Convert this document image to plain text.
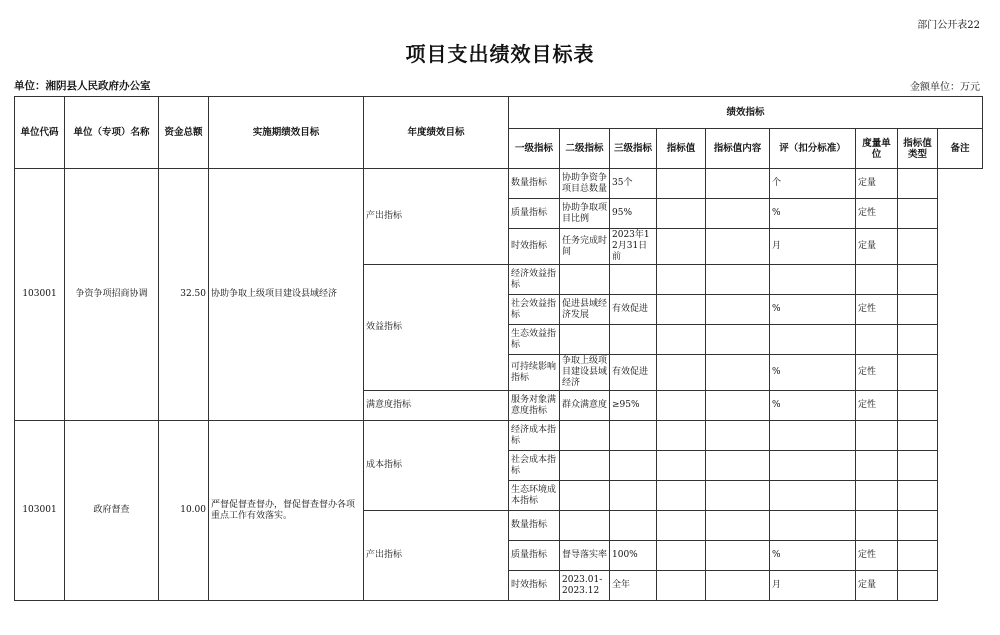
部门公开表22
项目支出绩效目标表
单位：湘阴县人民政府办公室	金额单位：万元
单位代码	单位（专项）名称	资金总额	实施期绩效目标	年度绩效目标	绩效指标								
					一级指标	二级指标	三级指标	指标值	指标值内容	评（扣分标准）	度量单位	指标值类型	备注
103001	争资争项招商协调	32.50	协助争取上级项目建设县域经济	产出指标	数量指标	协助争资争项目总数量	35个			个	定量		
					质量指标	协助争取项目比例	95%			%	定性		
					时效指标	任务完成时间	2023年12月31日前			月	定量		
				效益指标	经济效益指标								
					社会效益指标	促进县域经济发展	有效促进			%	定性		
					生态效益指标								
					可持续影响指标	争取上级项目建设县域经济	有效促进			%	定性		
				满意度指标	服务对象满意度指标	群众满意度	≥95%			%	定性		
103001	政府督查	10.00	严督促督查督办，督促督查督办各项重点工作有效落实。	成本指标	经济成本指标								
					社会成本指标								
					生态环境成本指标								
				产出指标	数量指标								
					质量指标	督导落实率	100%			%	定性		
					时效指标	2023.01-2023.12	全年			月	定量		
